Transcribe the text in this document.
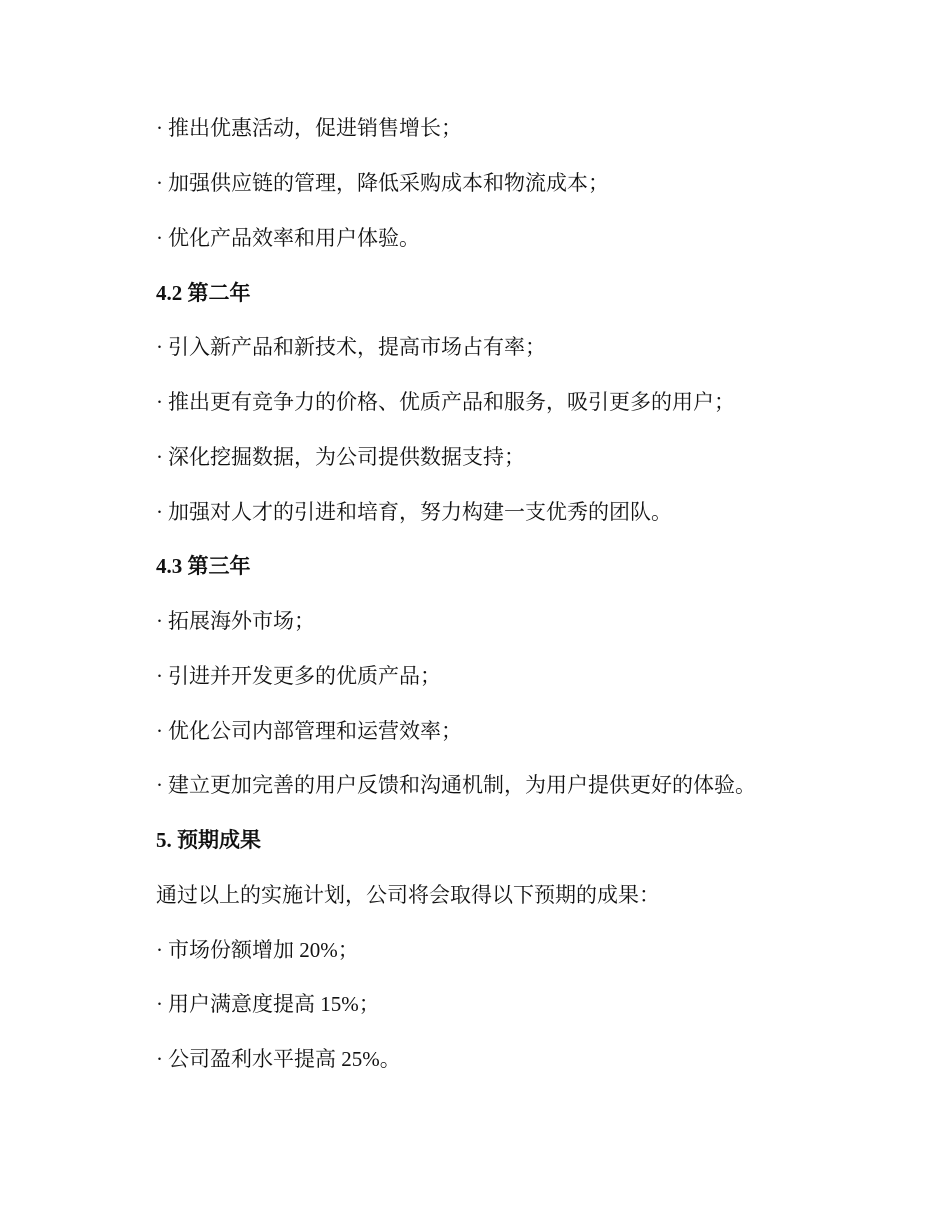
· 推出优惠活动，促进销售增长；
· 加强供应链的管理，降低采购成本和物流成本；
· 优化产品效率和用户体验。
4.2 第二年
· 引入新产品和新技术，提高市场占有率；
· 推出更有竞争力的价格、优质产品和服务，吸引更多的用户；
· 深化挖掘数据，为公司提供数据支持；
· 加强对人才的引进和培育，努力构建一支优秀的团队。
4.3 第三年
· 拓展海外市场；
· 引进并开发更多的优质产品；
· 优化公司内部管理和运营效率；
· 建立更加完善的用户反馈和沟通机制，为用户提供更好的体验。
5. 预期成果
通过以上的实施计划，公司将会取得以下预期的成果：
· 市场份额增加 20%；
· 用户满意度提高 15%；
· 公司盈利水平提高 25%。
